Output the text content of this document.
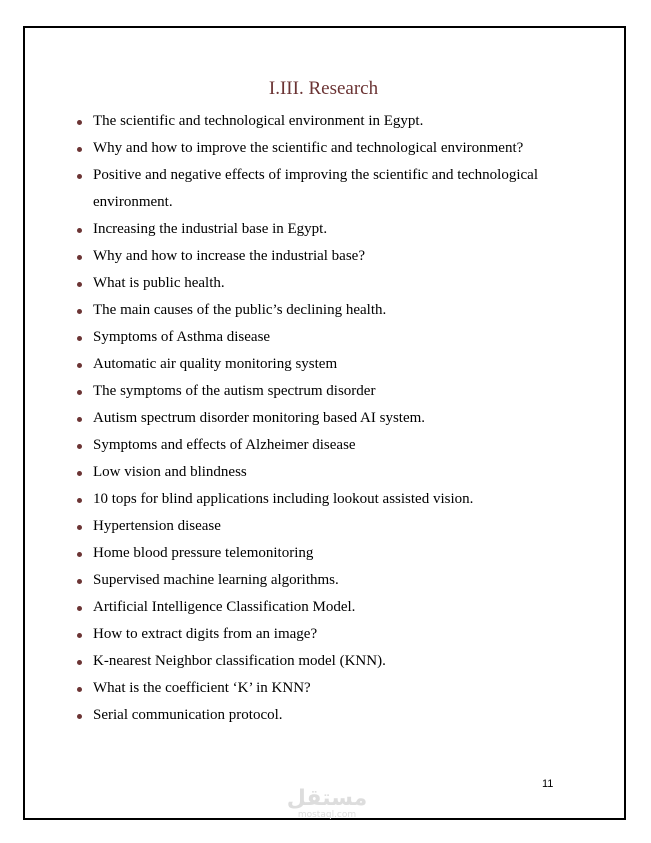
I.III. Research
The scientific and technological environment in Egypt.
Why and how to improve the scientific and technological environment?
Positive and negative effects of improving the scientific and technological environment.
Increasing the industrial base in Egypt.
Why and how to increase the industrial base?
What is public health.
The main causes of the public’s declining health.
Symptoms of Asthma disease
Automatic air quality monitoring system
The symptoms of the autism spectrum disorder
Autism spectrum disorder monitoring based AI system.
Symptoms and effects of Alzheimer disease
Low vision and blindness
10 tops for blind applications including lookout assisted vision.
Hypertension disease
Home blood pressure telemonitoring
Supervised machine learning algorithms.
Artificial Intelligence Classification Model.
How to extract digits from an image?
K-nearest Neighbor classification model (KNN).
What is the coefficient ‘K’ in KNN?
Serial communication protocol.
11
مستقل
mostaql.com
